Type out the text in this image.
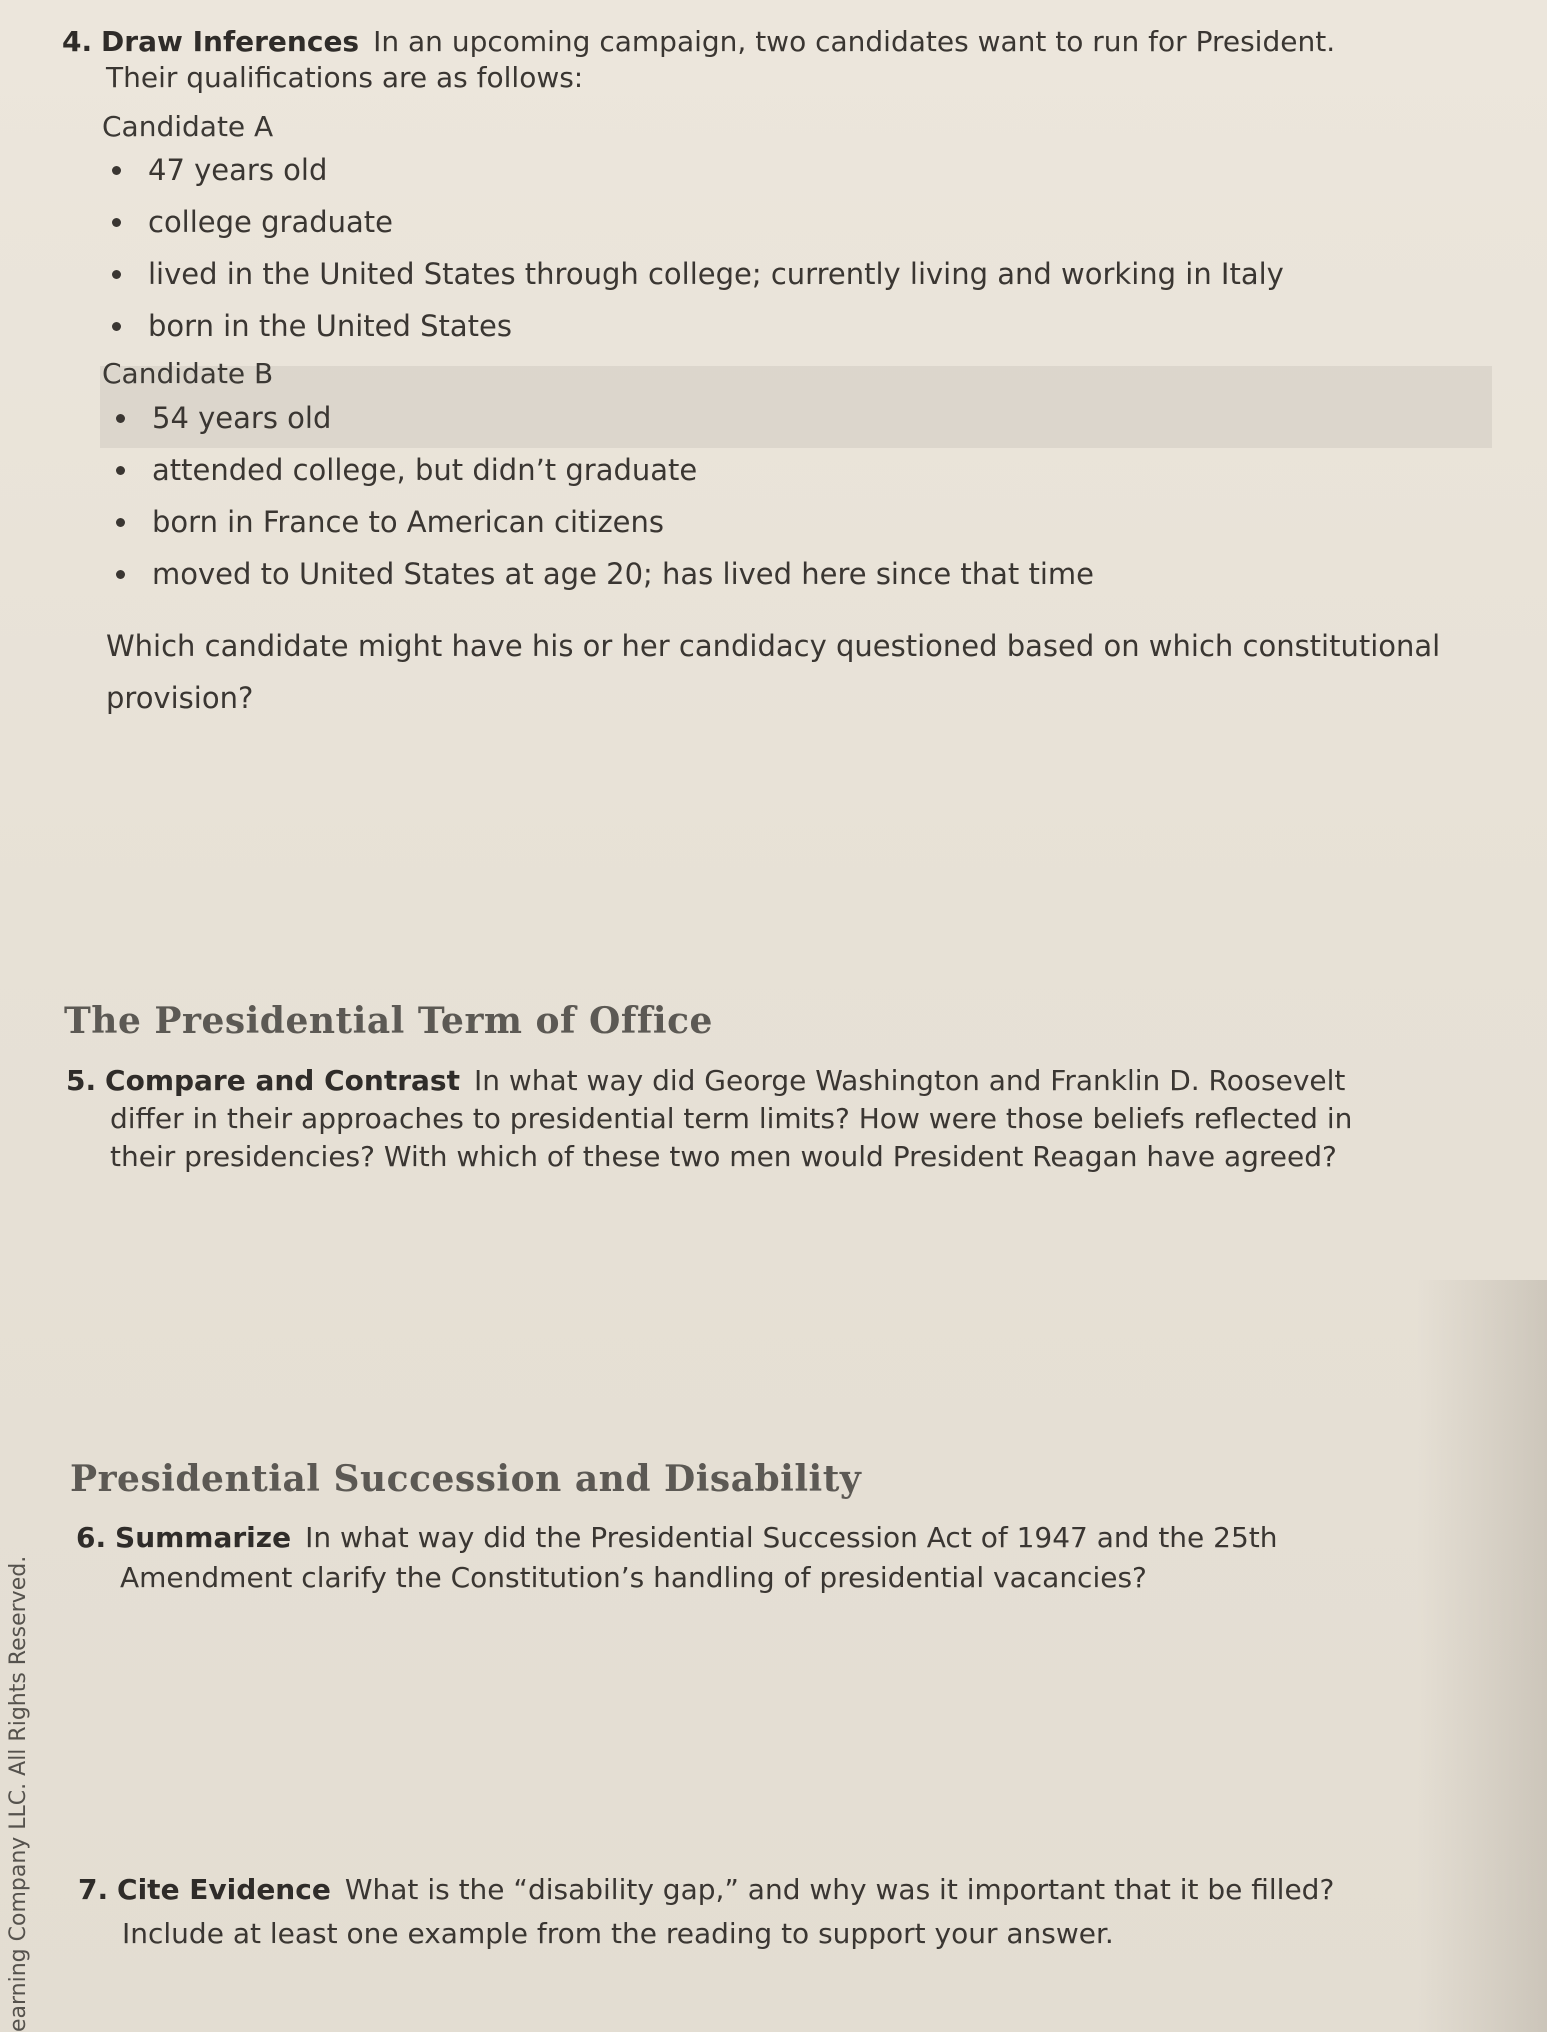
4. Draw Inferences In an upcoming campaign, two candidates want to run for President.
Their qualifications are as follows:
Candidate A
47 years old
college graduate
lived in the United States through college; currently living and working in Italy
born in the United States
Candidate B
54 years old
attended college, but didn’t graduate
born in France to American citizens
moved to United States at age 20; has lived here since that time
Which candidate might have his or her candidacy questioned based on which constitutional
provision?
The Presidential Term of Office
5. Compare and Contrast In what way did George Washington and Franklin D. Roosevelt
differ in their approaches to presidential term limits? How were those beliefs reflected in
their presidencies? With which of these two men would President Reagan have agreed?
Presidential Succession and Disability
6. Summarize In what way did the Presidential Succession Act of 1947 and the 25th
Amendment clarify the Constitution’s handling of presidential vacancies?
7. Cite Evidence What is the “disability gap,” and why was it important that it be filled?
Include at least one example from the reading to support your answer.
earning Company LLC. All Rights Reserved.
